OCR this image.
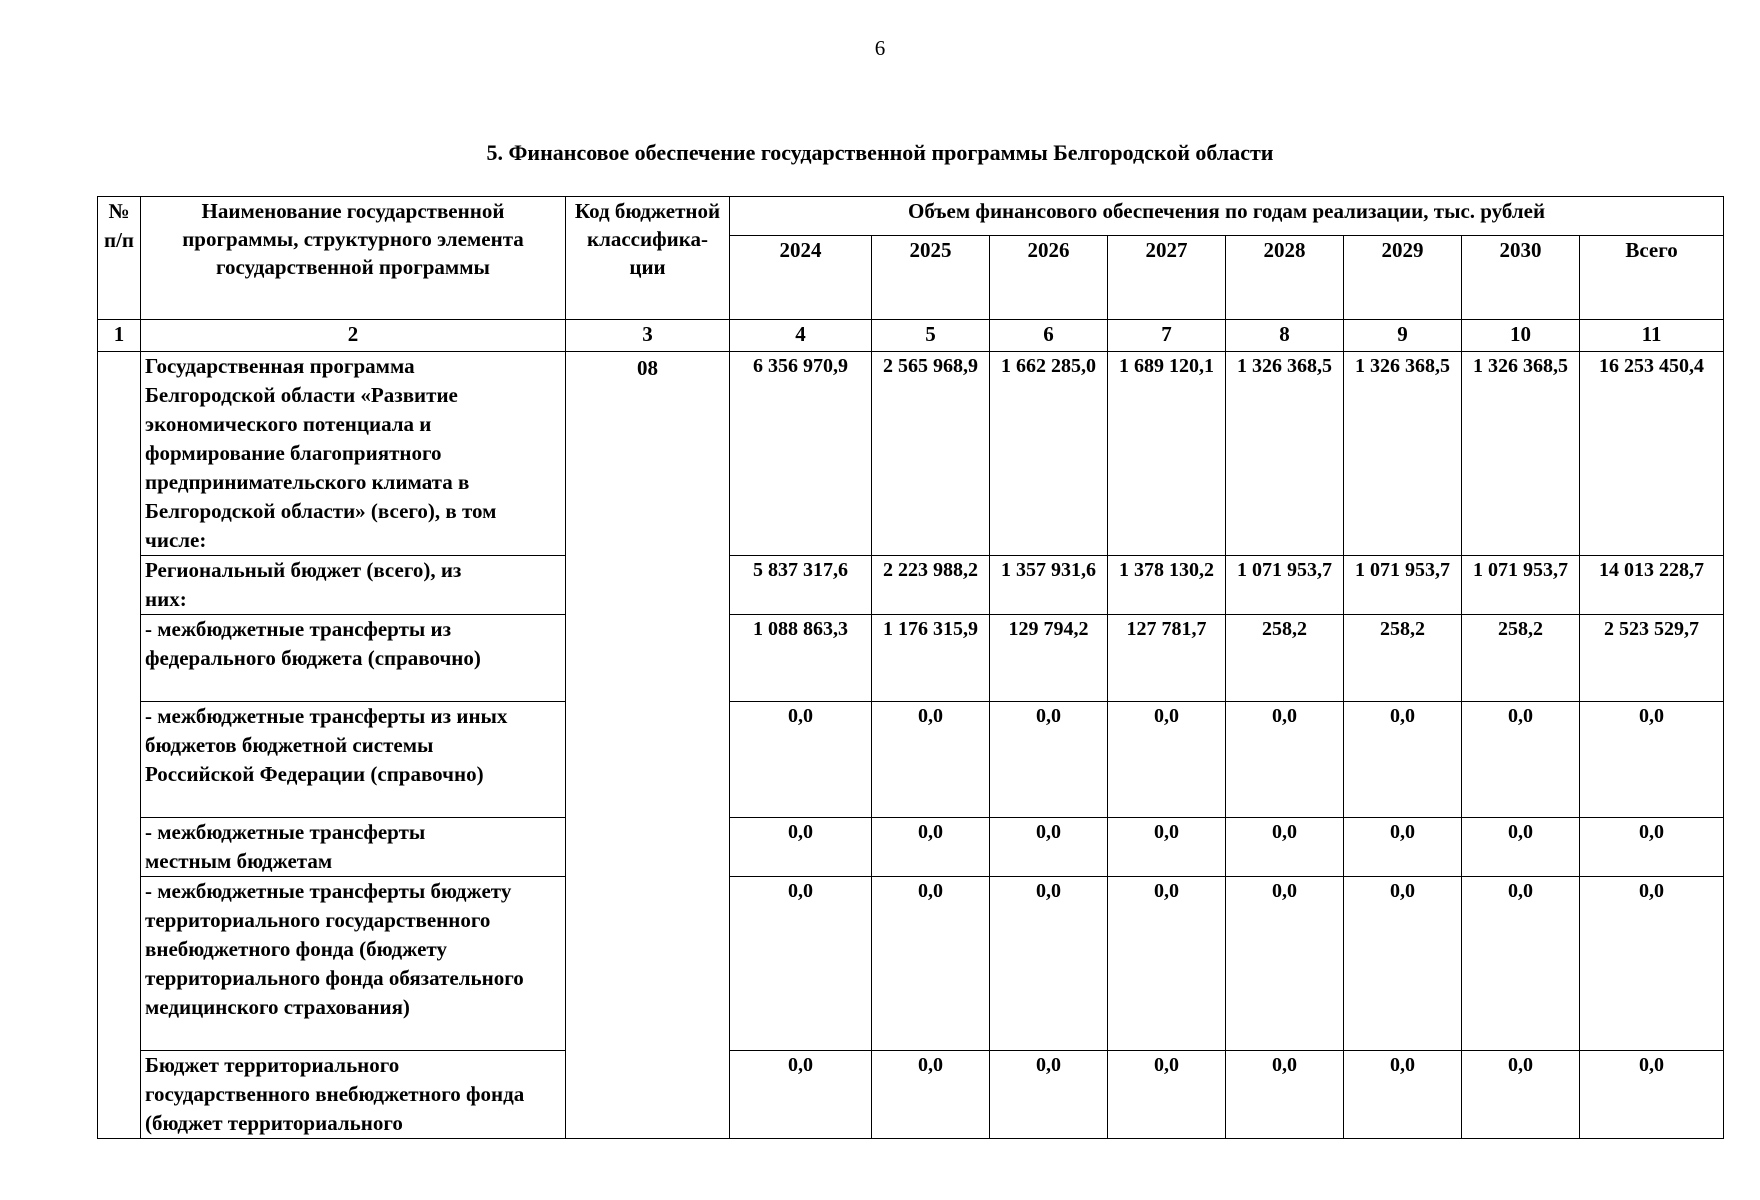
6
5. Финансовое обеспечение государственной программы Белгородской области
№ п/п	Наименование государственной программы, структурного элемента государственной программы	Код бюджетной классифика-ции	Объем финансового обеспечения по годам реализации, тыс. рублей							
			2024	2025	2026	2027	2028	2029	2030	Всего
1	2	3	4	5	6	7	8	9	10	11
	Государственная программа Белгородской области «Развитие экономического потенциала и формирование благоприятного предпринимательского климата в Белгородской области» (всего), в том числе:	08	6 356 970,9	2 565 968,9	1 662 285,0	1 689 120,1	1 326 368,5	1 326 368,5	1 326 368,5	16 253 450,4
	Региональный бюджет (всего), из них:		5 837 317,6	2 223 988,2	1 357 931,6	1 378 130,2	1 071 953,7	1 071 953,7	1 071 953,7	14 013 228,7
	- межбюджетные трансферты из федерального бюджета (справочно)		1 088 863,3	1 176 315,9	129 794,2	127 781,7	258,2	258,2	258,2	2 523 529,7
	- межбюджетные трансферты из иных бюджетов бюджетной системы Российской Федерации (справочно)		0,0	0,0	0,0	0,0	0,0	0,0	0,0	0,0
	- межбюджетные трансферты местным бюджетам		0,0	0,0	0,0	0,0	0,0	0,0	0,0	0,0
	- межбюджетные трансферты бюджету территориального государственного внебюджетного фонда (бюджету территориального фонда обязательного медицинского страхования)		0,0	0,0	0,0	0,0	0,0	0,0	0,0	0,0
	Бюджет территориального государственного внебюджетного фонда (бюджет территориального		0,0	0,0	0,0	0,0	0,0	0,0	0,0	0,0
